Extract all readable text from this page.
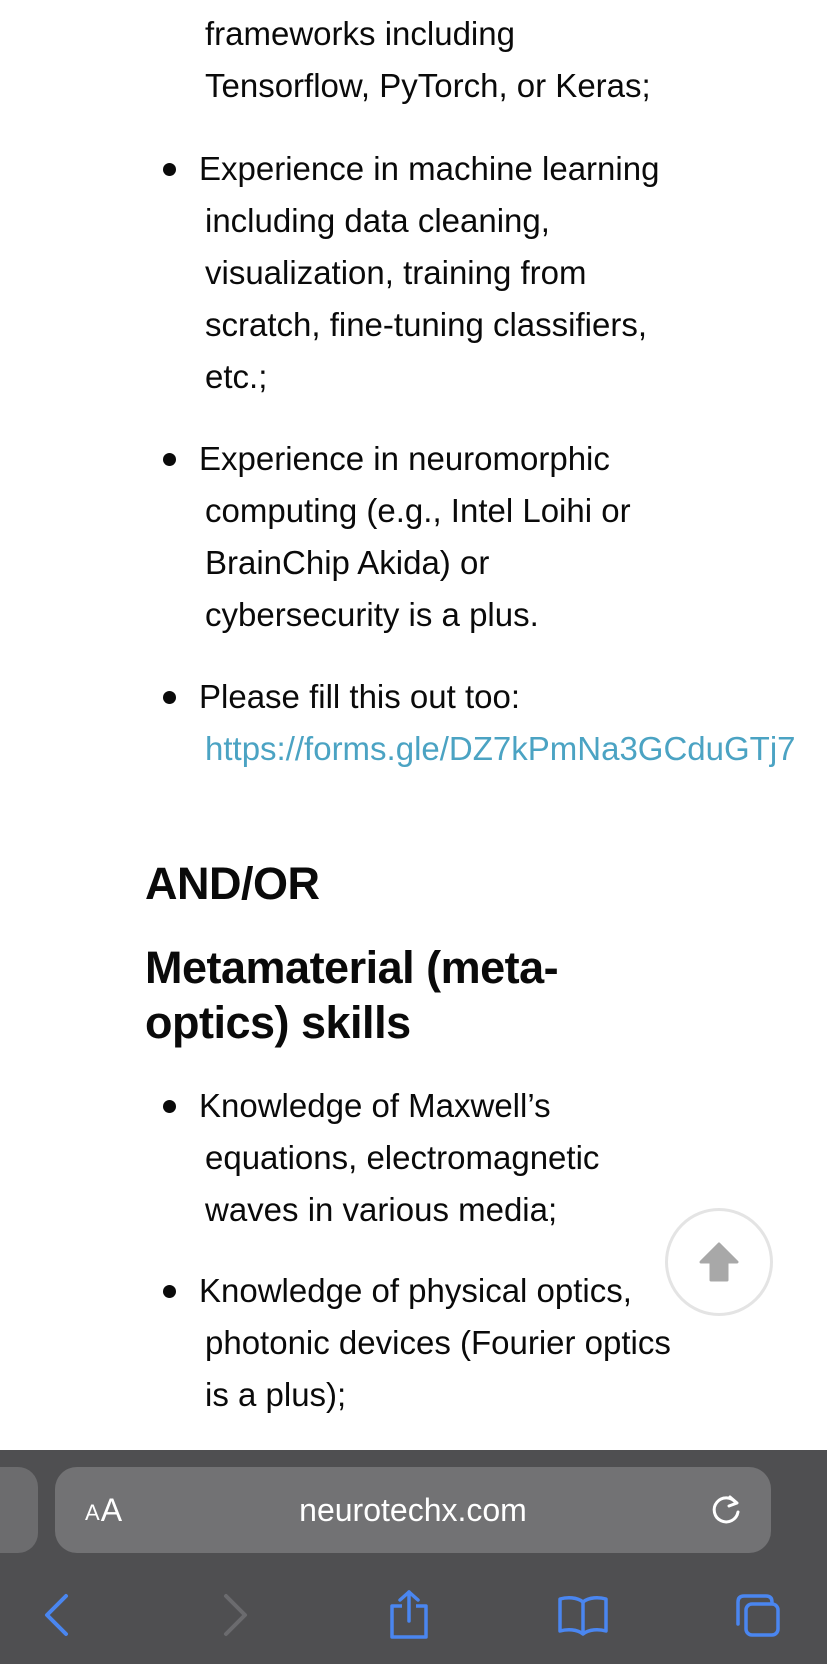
frameworks including
Tensorflow, PyTorch, or Keras;
Experience in machine learning
including data cleaning,
visualization, training from
scratch, fine-tuning classifiers,
etc.;
Experience in neuromorphic
computing (e.g., Intel Loihi or
BrainChip Akida) or
cybersecurity is a plus.
Please fill this out too:
https://forms.gle/DZ7kPmNa3GCduGTj7
AND/OR
Metamaterial (meta-
optics) skills
Knowledge of Maxwell’s
equations, electromagnetic
waves in various media;
Knowledge of physical optics,
photonic devices (Fourier optics
is a plus);
A A	neurotechx.com
